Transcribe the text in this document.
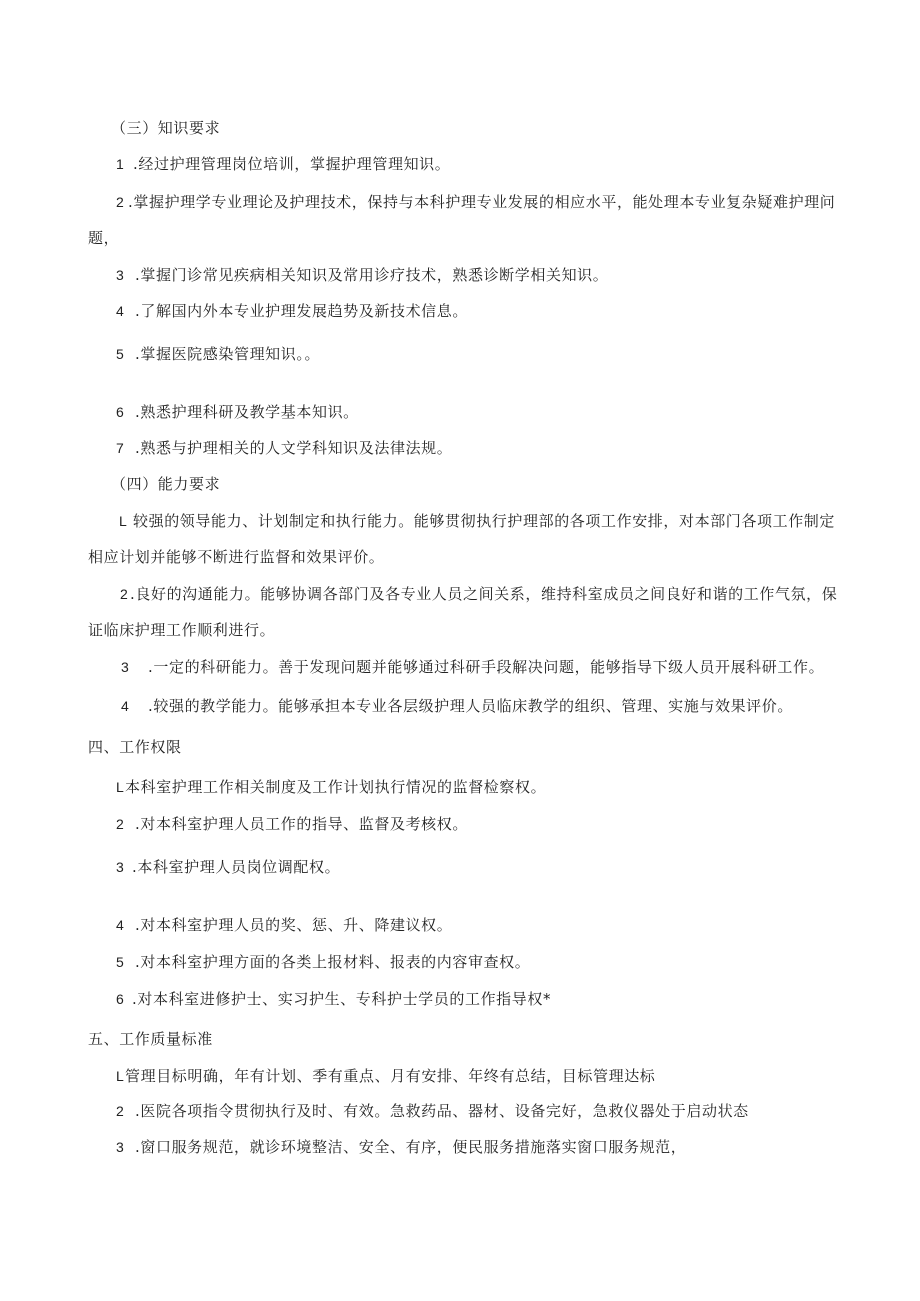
（三）知识要求
1 .经过护理管理岗位培训，掌握护理管理知识。
2 .掌握护理学专业理论及护理技术，保持与本科护理专业发展的相应水平，能处理本专业复杂疑难护理问
题，
3 .掌握门诊常见疾病相关知识及常用诊疗技术，熟悉诊断学相关知识。
4 .了解国内外本专业护理发展趋势及新技术信息。
5 .掌握医院感染管理知识。。
6 .熟悉护理科研及教学基本知识。
7 .熟悉与护理相关的人文学科知识及法律法规。
（四）能力要求
L 较强的领导能力、计划制定和执行能力。能够贯彻执行护理部的各项工作安排，对本部门各项工作制定
相应计划并能够不断进行监督和效果评价。
2 .良好的沟通能力。能够协调各部门及各专业人员之间关系，维持科室成员之间良好和谐的工作气氛，保
证临床护理工作顺利进行。
3 .一定的科研能力。善于发现问题并能够通过科研手段解决问题，能够指导下级人员开展科研工作。
4 .较强的教学能力。能够承担本专业各层级护理人员临床教学的组织、管理、实施与效果评价。
四、工作权限
L本科室护理工作相关制度及工作计划执行情况的监督检察权。
2 .对本科室护理人员工作的指导、监督及考核权。
3 .本科室护理人员岗位调配权。
4 .对本科室护理人员的奖、惩、升、降建议权。
5 .对本科室护理方面的各类上报材料、报表的内容审查权。
6 .对本科室进修护士、实习护生、专科护士学员的工作指导权*
五、工作质量标准
L管理目标明确，年有计划、季有重点、月有安排、年终有总结，目标管理达标
2 .医院各项指令贯彻执行及时、有效。急救药品、器材、设备完好，急救仪器处于启动状态
3 .窗口服务规范，就诊环境整洁、安全、有序，便民服务措施落实窗口服务规范，
